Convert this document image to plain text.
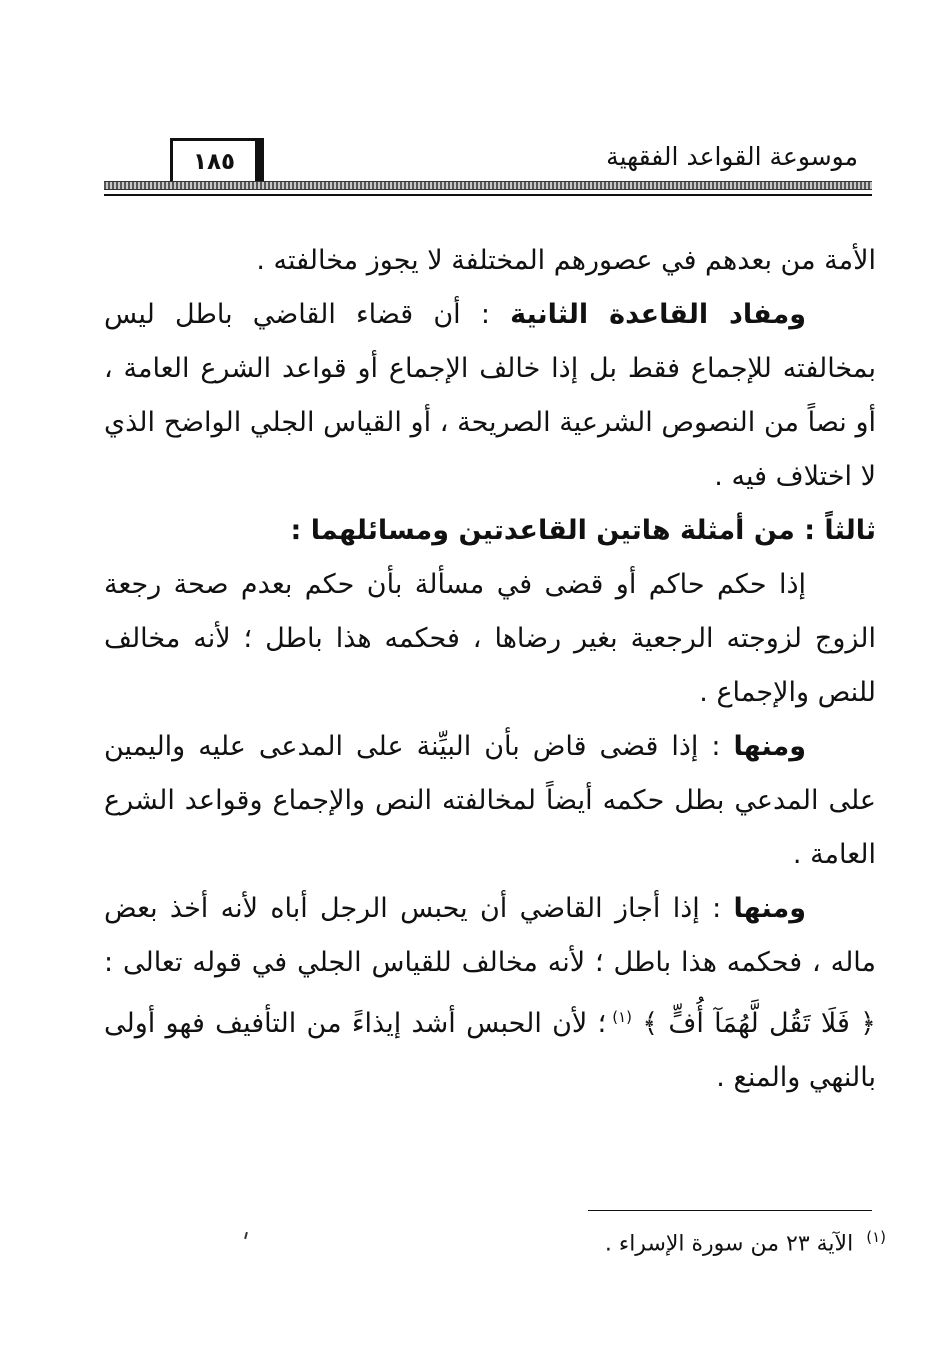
١٨٥	موسوعة القواعد الفقهية

الأمة من بعدهم في عصورهم المختلفة لا يجوز مخالفته .

ومفاد القاعدة الثانية : أن قضاء القاضي باطل ليس بمخالفته للإجماع فقط بل إذا خالف الإجماع أو قواعد الشرع العامة ، أو نصاً من النصوص الشرعية الصريحة ، أو القياس الجلي الواضح الذي لا اختلاف فيه .

ثالثاً : من أمثلة هاتين القاعدتين ومسائلهما :

إذا حكم حاكم أو قضى في مسألة بأن حكم بعدم صحة رجعة الزوج لزوجته الرجعية بغير رضاها ، فحكمه هذا باطل ؛ لأنه مخالف للنص والإجماع .

ومنها : إذا قضى قاض بأن البيِّنة على المدعى عليه واليمين على المدعي بطل حكمه أيضاً لمخالفته النص والإجماع وقواعد الشرع العامة .

ومنها : إذا أجاز القاضي أن يحبس الرجل أباه لأنه أخذ بعض ماله ، فحكمه هذا باطل ؛ لأنه مخالف للقياس الجلي في قوله تعالى : ﴿ فَلَا تَقُل لَّهُمَآ أُفٍّ ﴾ $^{(١)}$؛ لأن الحبس أشد إيذاءً من التأفيف فهو أولى بالنهي والمنع .

$^{(١)}$ الآية ٢٣ من سورة الإسراء .
